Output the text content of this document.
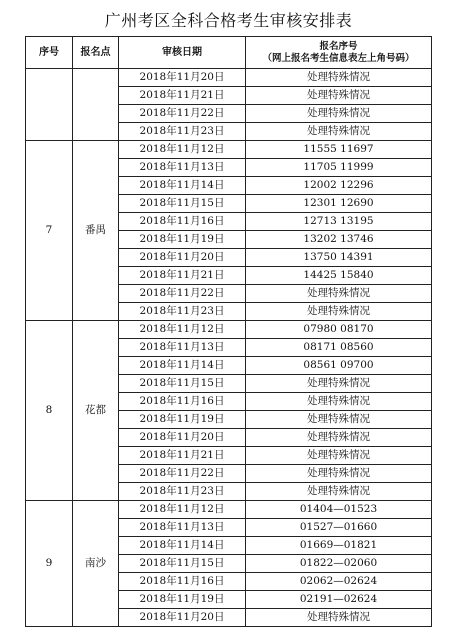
广州考区全科合格考生审核安排表
序号	报名点	审核日期	报名序号
（网上报名考生信息表左上角号码）

		2018年11月20日	处理特殊情况
		2018年11月21日	处理特殊情况
		2018年11月22日	处理特殊情况
		2018年11月23日	处理特殊情况
7	番禺	2018年11月12日	11555 11697
		2018年11月13日	11705 11999
		2018年11月14日	12002 12296
		2018年11月15日	12301 12690
		2018年11月16日	12713 13195
		2018年11月19日	13202 13746
		2018年11月20日	13750 14391
		2018年11月21日	14425 15840
		2018年11月22日	处理特殊情况
		2018年11月23日	处理特殊情况
8	花都	2018年11月12日	07980 08170
		2018年11月13日	08171 08560
		2018年11月14日	08561 09700
		2018年11月15日	处理特殊情况
		2018年11月16日	处理特殊情况
		2018年11月19日	处理特殊情况
		2018年11月20日	处理特殊情况
		2018年11月21日	处理特殊情况
		2018年11月22日	处理特殊情况
		2018年11月23日	处理特殊情况
9	南沙	2018年11月12日	01404—01523
		2018年11月13日	01527—01660
		2018年11月14日	01669—01821
		2018年11月15日	01822—02060
		2018年11月16日	02062—02624
		2018年11月19日	02191—02624
		2018年11月20日	处理特殊情况
